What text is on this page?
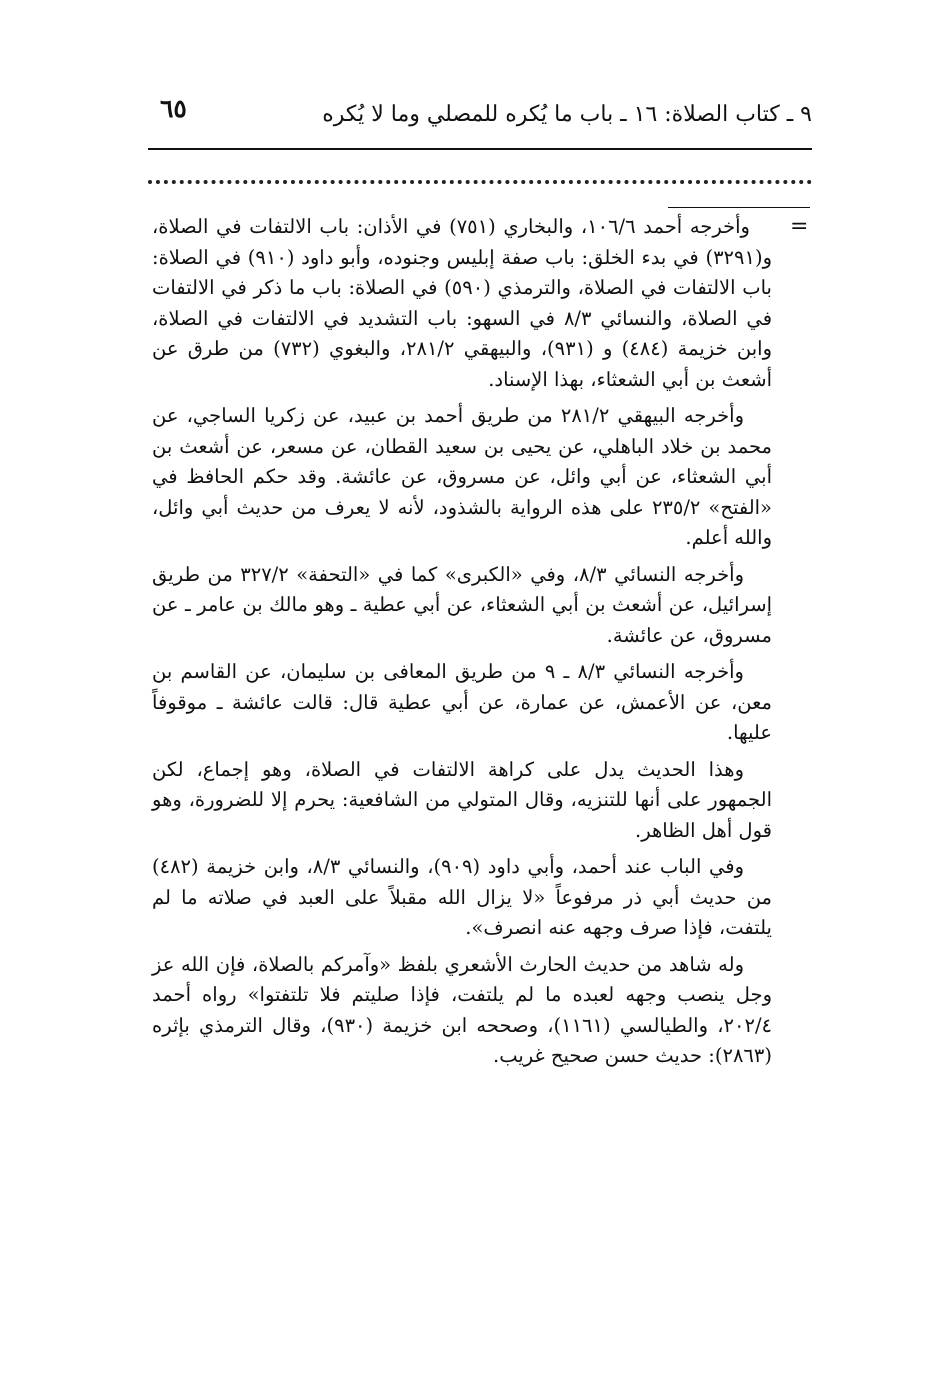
٩ ـ كتاب الصلاة: ١٦ ـ باب ما يُكره للمصلي وما لا يُكره
٦٥
=

وأخرجه أحمد ١٠٦/٦، والبخاري (٧٥١) في الأذان: باب الالتفات في الصلاة، و(٣٢٩١) في بدء الخلق: باب صفة إبليس وجنوده، وأبو داود (٩١٠) في الصلاة: باب الالتفات في الصلاة، والترمذي (٥٩٠) في الصلاة: باب ما ذكر في الالتفات في الصلاة، والنسائي ٨/٣ في السهو: باب التشديد في الالتفات في الصلاة، وابن خزيمة (٤٨٤) و (٩٣١)، والبيهقي ٢٨١/٢، والبغوي (٧٣٢) من طرق عن أشعث بن أبي الشعثاء، بهذا الإسناد.

وأخرجه البيهقي ٢٨١/٢ من طريق أحمد بن عبيد، عن زكريا الساجي، عن محمد بن خلاد الباهلي، عن يحيى بن سعيد القطان، عن مسعر، عن أشعث بن أبي الشعثاء، عن أبي وائل، عن مسروق، عن عائشة. وقد حكم الحافظ في «الفتح» ٢٣٥/٢ على هذه الرواية بالشذود، لأنه لا يعرف من حديث أبي وائل، والله أعلم.

وأخرجه النسائي ٨/٣، وفي «الكبرى» كما في «التحفة» ٣٢٧/٢ من طريق إسرائيل، عن أشعث بن أبي الشعثاء، عن أبي عطية ـ وهو مالك بن عامر ـ عن مسروق، عن عائشة.

وأخرجه النسائي ٨/٣ ـ ٩ من طريق المعافى بن سليمان، عن القاسم بن معن، عن الأعمش، عن عمارة، عن أبي عطية قال: قالت عائشة ـ موقوفاً عليها.

وهذا الحديث يدل على كراهة الالتفات في الصلاة، وهو إجماع، لكن الجمهور على أنها للتنزيه، وقال المتولي من الشافعية: يحرم إلا للضرورة، وهو قول أهل الظاهر.

وفي الباب عند أحمد، وأبي داود (٩٠٩)، والنسائي ٨/٣، وابن خزيمة (٤٨٢) من حديث أبي ذر مرفوعاً «لا يزال الله مقبلاً على العبد في صلاته ما لم يلتفت، فإذا صرف وجهه عنه انصرف».

وله شاهد من حديث الحارث الأشعري بلفظ «وآمركم بالصلاة، فإن الله عز وجل ينصب وجهه لعبده ما لم يلتفت، فإذا صليتم فلا تلتفتوا» رواه أحمد ٢٠٢/٤، والطيالسي (١١٦١)، وصححه ابن خزيمة (٩٣٠)، وقال الترمذي بإثره (٢٨٦٣): حديث حسن صحيح غريب.
